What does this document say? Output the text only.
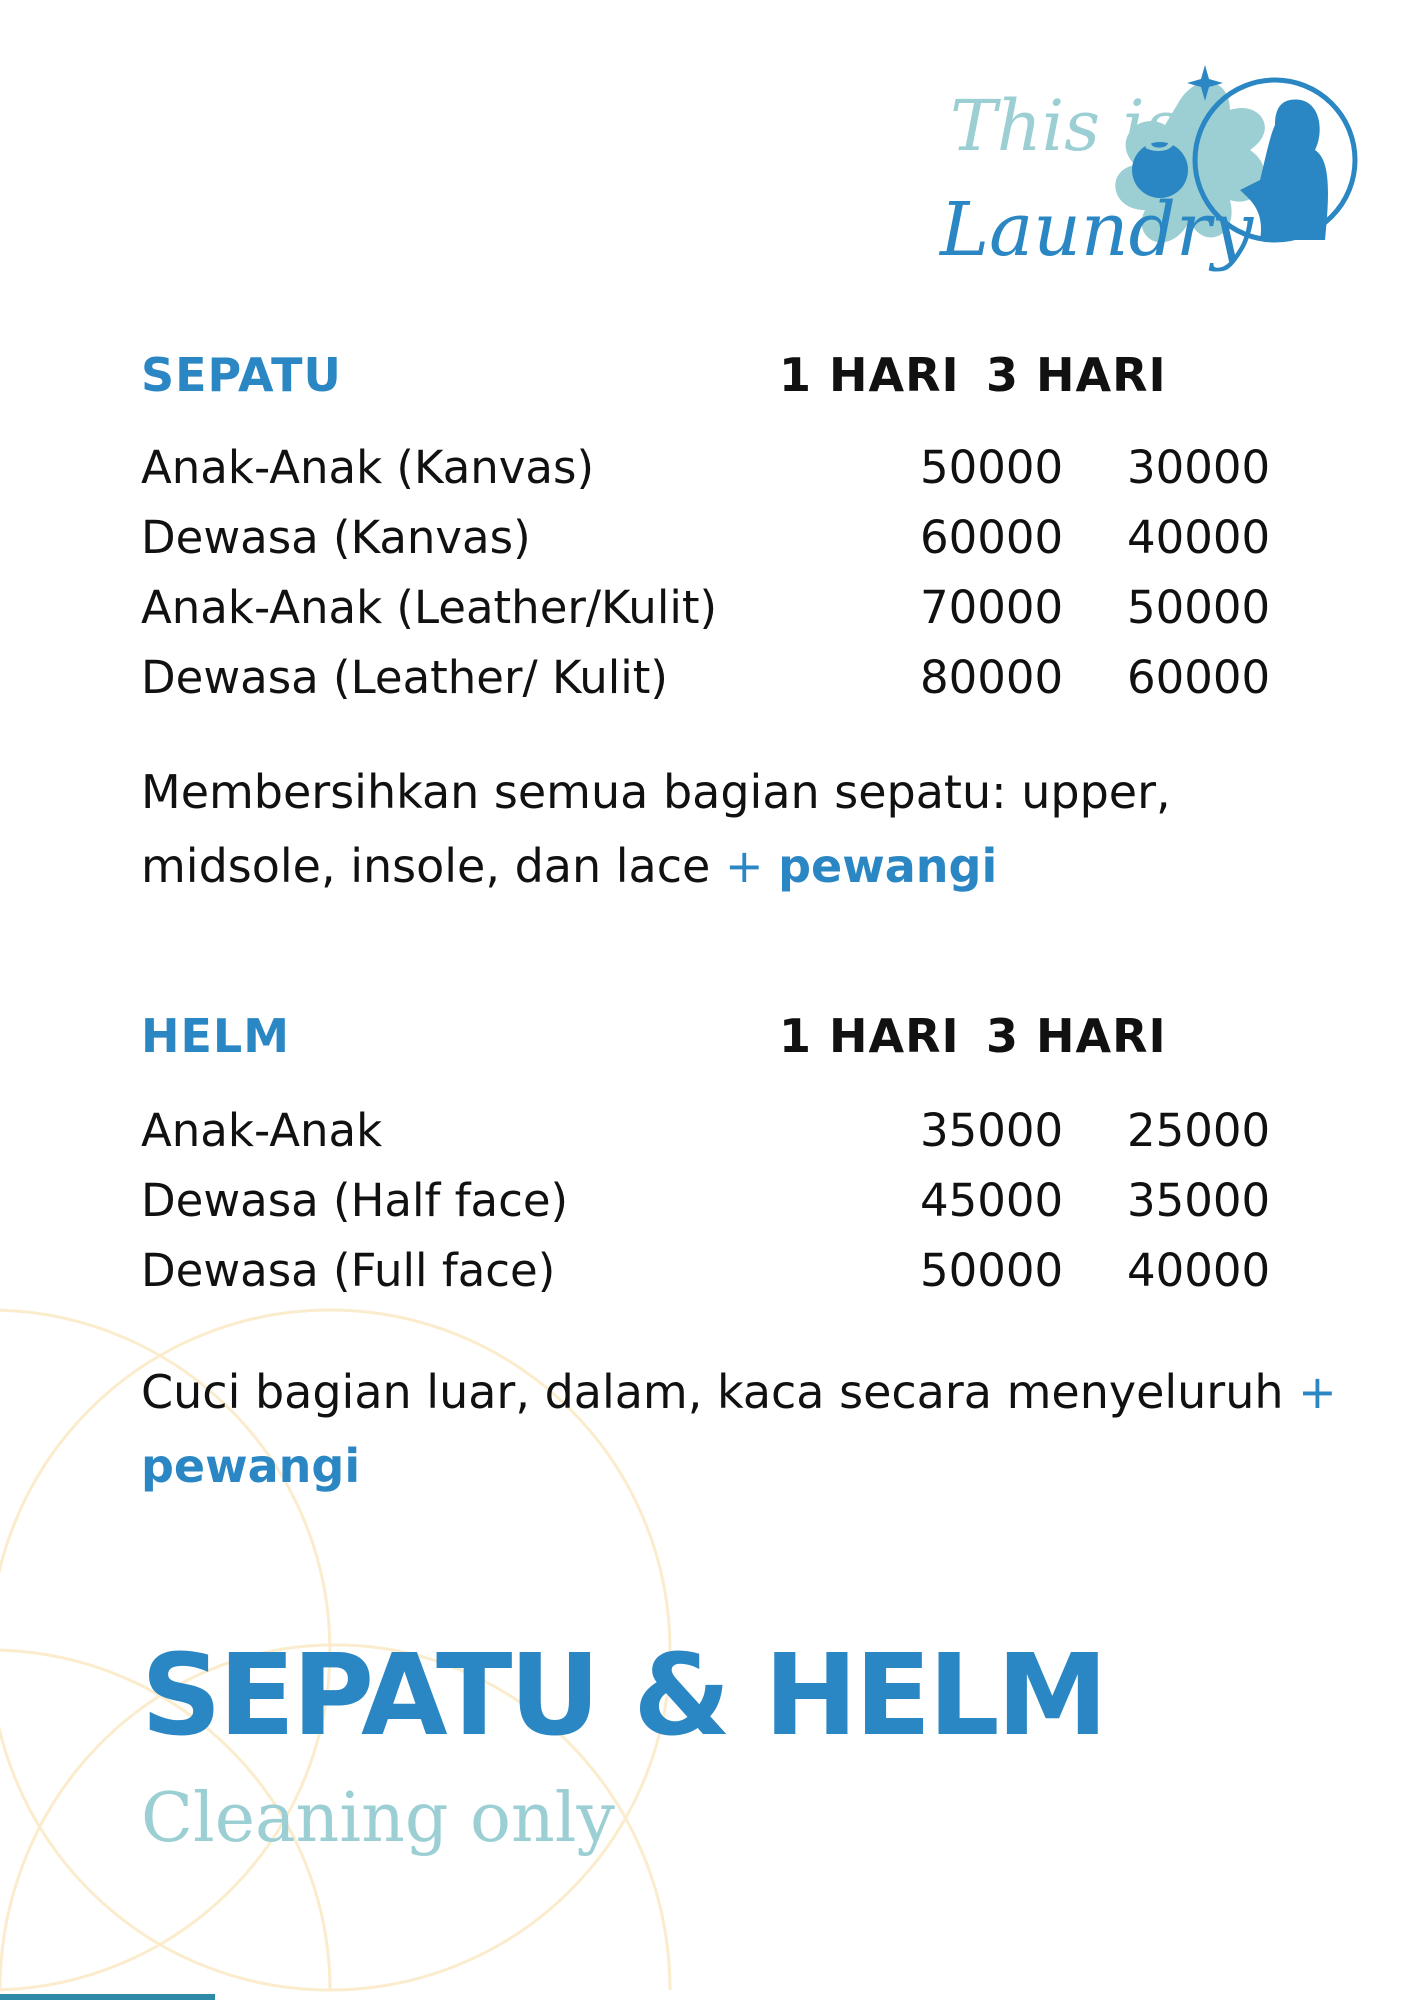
This is
Laundry
SEPATU	1 HARI 3 HARI
Anak-Anak (Kanvas)	50000 30000
Dewasa (Kanvas)	60000 40000
Anak-Anak (Leather/Kulit)	70000 50000
Dewasa (Leather/ Kulit)	80000 60000
Membersihkan semua bagian sepatu: upper, midsole, insole, dan lace + pewangi
HELM	1 HARI 3 HARI
Anak-Anak	35000 25000
Dewasa (Half face)	45000 35000
Dewasa (Full face)	50000 40000
Cuci bagian luar, dalam, kaca secara menyeluruh + pewangi
SEPATU & HELM
Cleaning only
